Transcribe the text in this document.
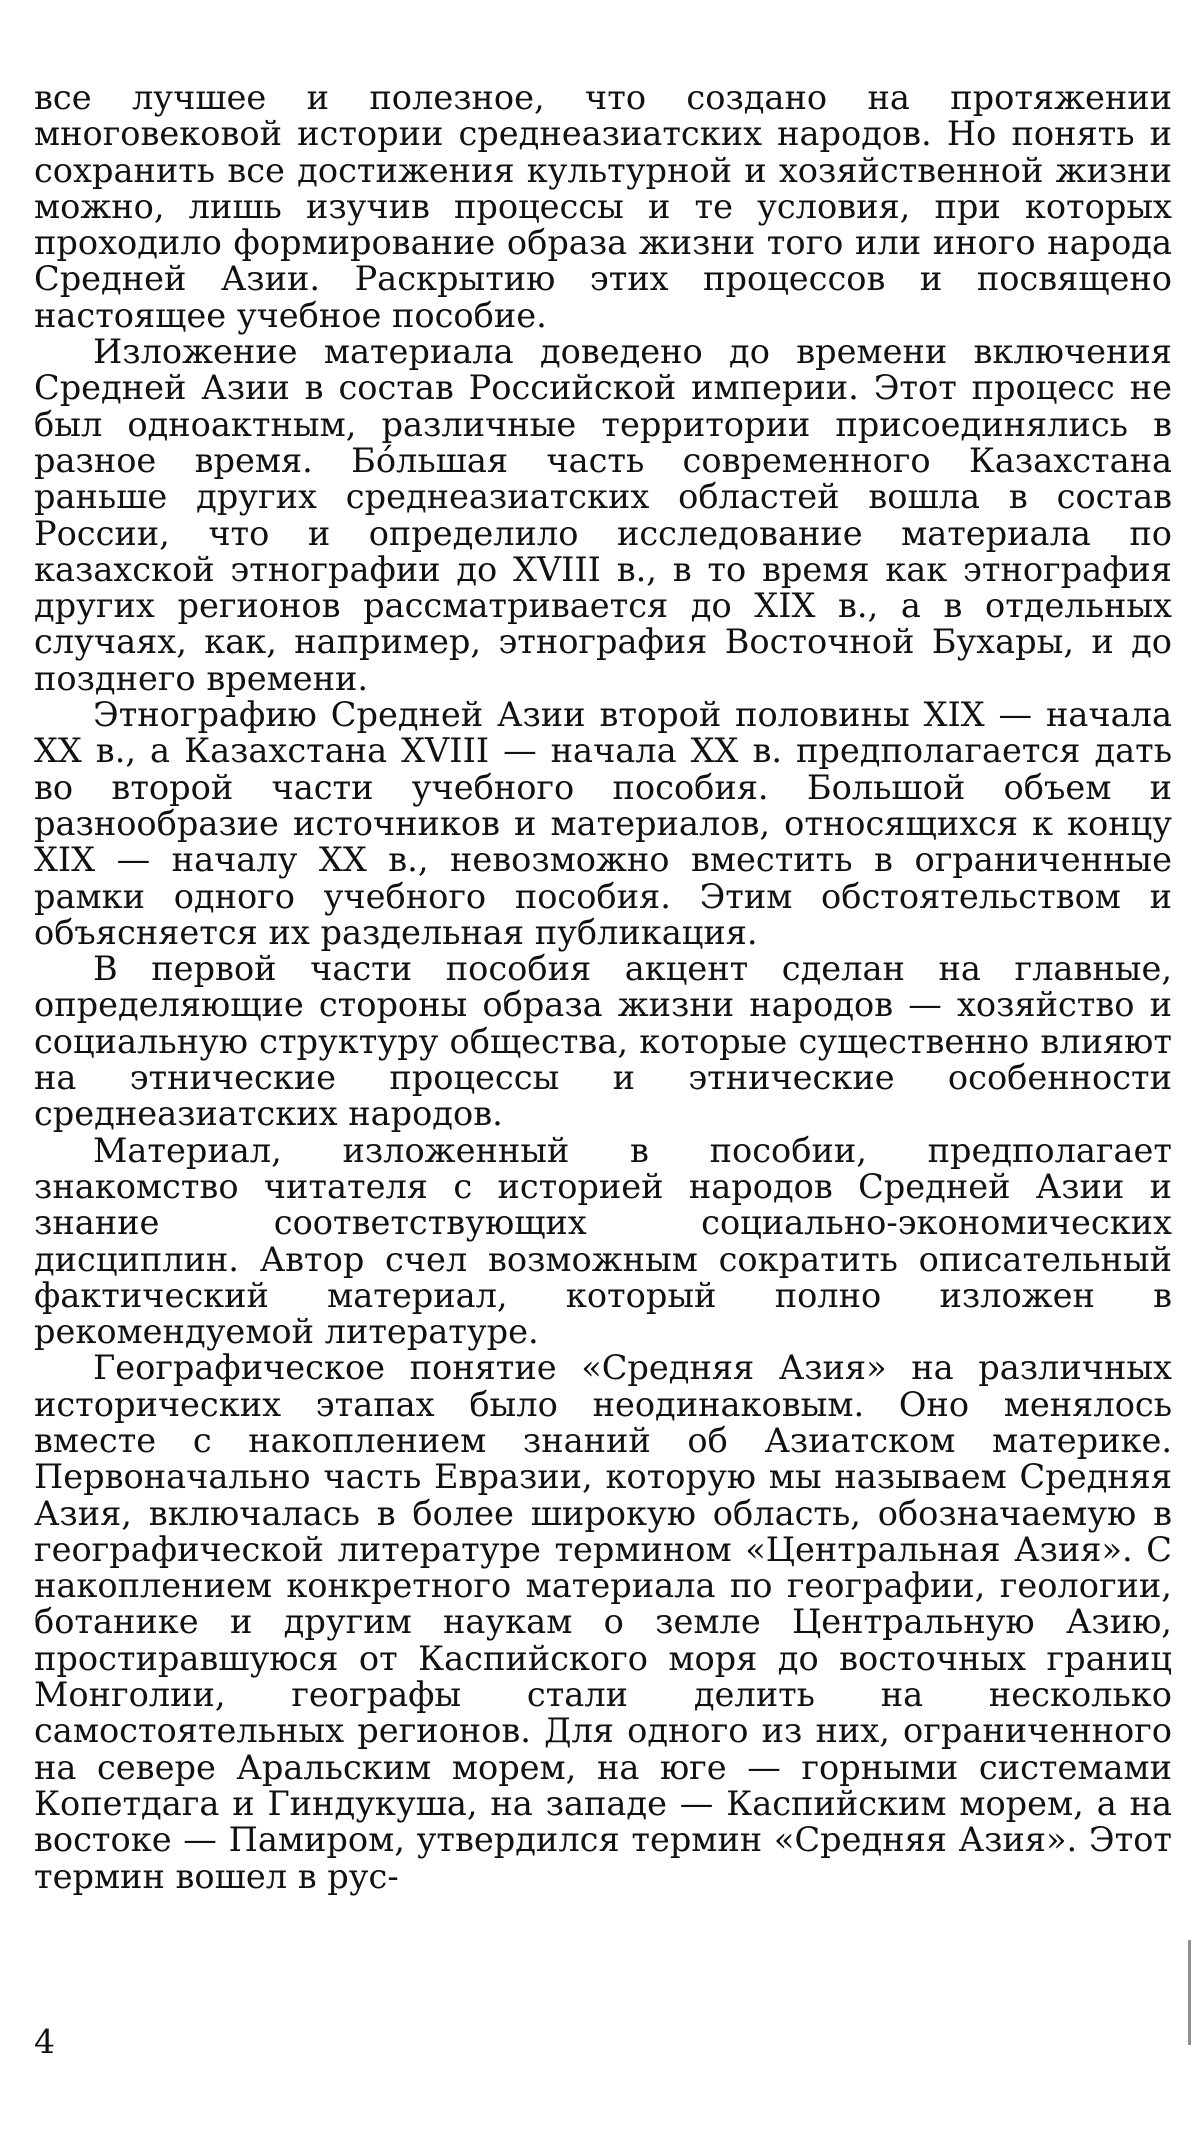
все лучшее и полезное, что создано на протяжении многовековой истории среднеазиатских народов. Но понять и сохранить все достижения культурной и хозяйственной жизни можно, лишь изучив процессы и те условия, при которых проходило формирование образа жизни того или иного народа Средней Азии. Раскрытию этих процессов и посвящено настоящее учебное пособие.

Изложение материала доведено до времени включения Средней Азии в состав Российской империи. Этот процесс не был одноактным, различные территории присоединялись в разное время. Бо́льшая часть современного Казахстана раньше других среднеазиатских областей вошла в состав России, что и определило исследование материала по казахской этнографии до XVIII в., в то время как этнография других регионов рассматривается до XIX в., а в отдельных случаях, как, например, этнография Восточной Бухары, и до позднего времени.

Этнографию Средней Азии второй половины XIX — начала XX в., а Казахстана XVIII — начала XX в. предполагается дать во второй части учебного пособия. Большой объем и разнообразие источников и материалов, относящихся к концу XIX — началу XX в., невозможно вместить в ограниченные рамки одного учебного пособия. Этим обстоятельством и объясняется их раздельная публикация.

В первой части пособия акцент сделан на главные, определяющие стороны образа жизни народов — хозяйство и социальную структуру общества, которые существенно влияют на этнические процессы и этнические особенности среднеазиатских народов.

Материал, изложенный в пособии, предполагает знакомство читателя с историей народов Средней Азии и знание соответствующих социально-экономических дисциплин. Автор счел возможным сократить описательный фактический материал, который полно изложен в рекомендуемой литературе.

Географическое понятие «Средняя Азия» на различных исторических этапах было неодинаковым. Оно менялось вместе с накоплением знаний об Азиатском материке. Первоначально часть Евразии, которую мы называем Средняя Азия, включалась в более широкую область, обозначаемую в географической литературе термином «Центральная Азия». С накоплением конкретного материала по географии, геологии, ботанике и другим наукам о земле Центральную Азию, простиравшуюся от Каспийского моря до восточных границ Монголии, географы стали делить на несколько самостоятельных регионов. Для одного из них, ограниченного на севере Аральским морем, на юге — горными системами Копетдага и Гиндукуша, на западе — Каспийским морем, а на востоке — Памиром, утвердился термин «Средняя Азия». Этот термин вошел в рус-

4
